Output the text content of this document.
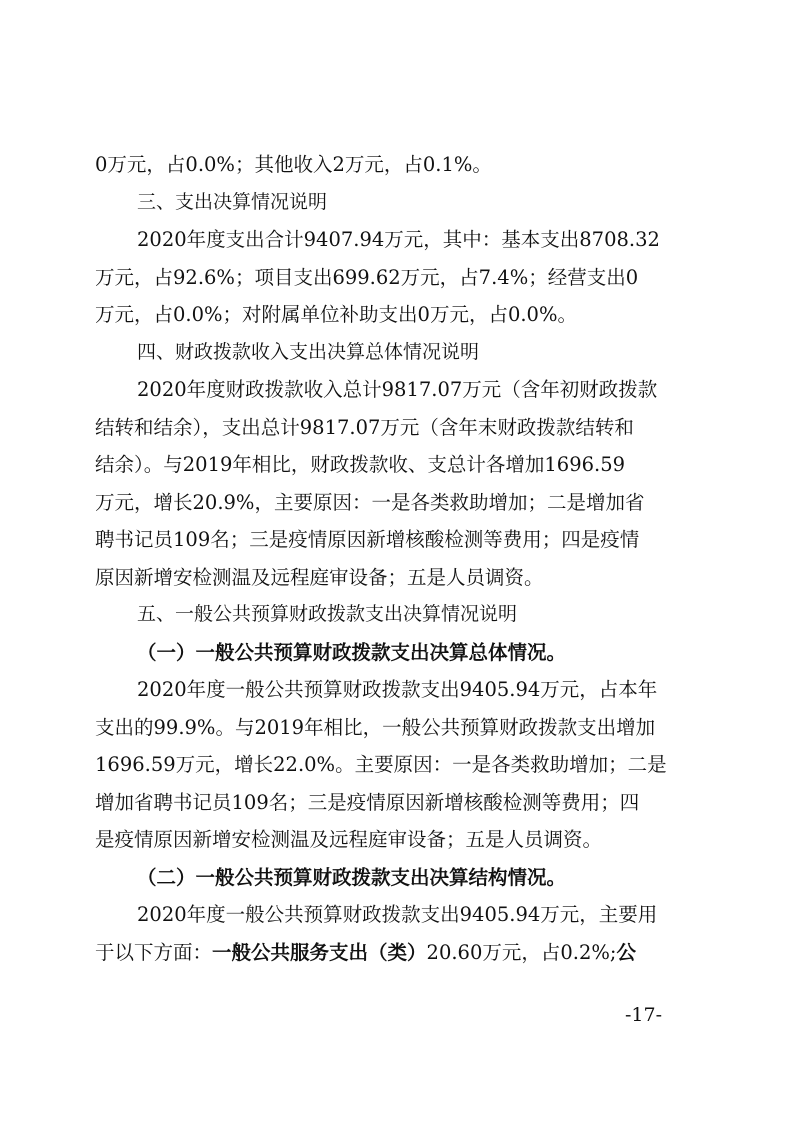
0万元，占0.0%；其他收入2万元，占0.1%。
三、支出决算情况说明
2020年度支出合计9407.94万元，其中：基本支出8708.32
万元，占92.6%；项目支出699.62万元，占7.4%；经营支出0
万元，占0.0%；对附属单位补助支出0万元，占0.0%。
四、财政拨款收入支出决算总体情况说明
2020年度财政拨款收入总计9817.07万元（含年初财政拨款
结转和结余），支出总计9817.07万元（含年末财政拨款结转和
结余）。与2019年相比，财政拨款收、支总计各增加1696.59
万元，增长20.9%，主要原因：一是各类救助增加；二是增加省
聘书记员109名；三是疫情原因新增核酸检测等费用；四是疫情
原因新增安检测温及远程庭审设备；五是人员调资。
五、一般公共预算财政拨款支出决算情况说明
（一）一般公共预算财政拨款支出决算总体情况。
2020年度一般公共预算财政拨款支出9405.94万元，占本年
支出的99.9%。与2019年相比，一般公共预算财政拨款支出增加
1696.59万元，增长22.0%。主要原因：一是各类救助增加；二是
增加省聘书记员109名；三是疫情原因新增核酸检测等费用；四
是疫情原因新增安检测温及远程庭审设备；五是人员调资。
（二）一般公共预算财政拨款支出决算结构情况。
2020年度一般公共预算财政拨款支出9405.94万元，主要用
于以下方面：一般公共服务支出（类）20.60万元，占0.2%;公
-17-
